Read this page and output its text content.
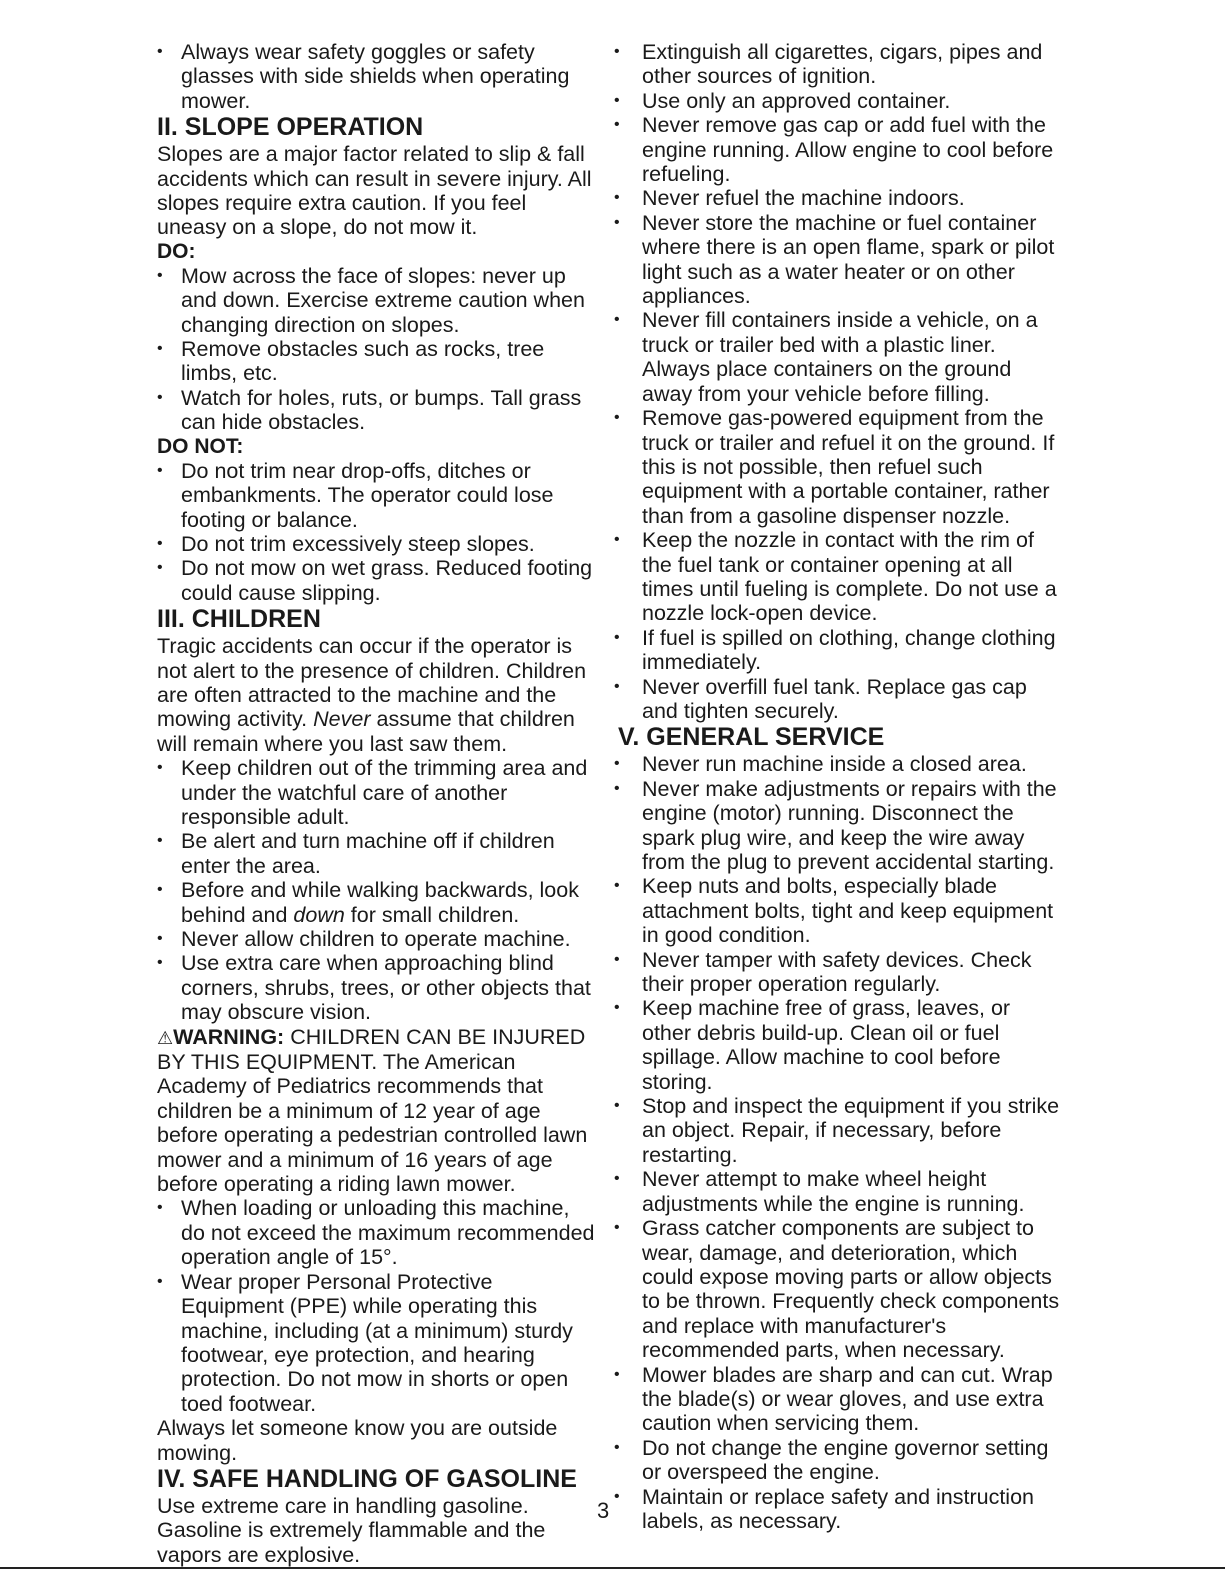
• Always wear safety goggles or safety glasses with side shields when operating mower.
II. SLOPE OPERATION
Slopes are a major factor related to slip & fall accidents which can result in severe injury. All slopes require extra caution. If you feel uneasy on a slope, do not mow it.
DO:
• Mow across the face of slopes: never up and down. Exercise extreme caution when changing direction on slopes.
• Remove obstacles such as rocks, tree limbs, etc.
• Watch for holes, ruts, or bumps. Tall grass can hide obstacles.
DO NOT:
• Do not trim near drop-offs, ditches or embankments. The operator could lose footing or balance.
• Do not trim excessively steep slopes.
• Do not mow on wet grass. Reduced footing could cause slipping.
III. CHILDREN
Tragic accidents can occur if the operator is not alert to the presence of children. Children are often attracted to the machine and the mowing activity. Never assume that children will remain where you last saw them.
• Keep children out of the trimming area and under the watchful care of another responsible adult.
• Be alert and turn machine off if children enter the area.
• Before and while walking backwards, look behind and down for small children.
• Never allow children to operate machine.
• Use extra care when approaching blind corners, shrubs, trees, or other objects that may obscure vision.
⚠WARNING: CHILDREN CAN BE INJURED BY THIS EQUIPMENT. The American Academy of Pediatrics recommends that children be a minimum of 12 year of age before operating a pedestrian controlled lawn mower and a minimum of 16 years of age before operating a riding lawn mower.
• When loading or unloading this machine, do not exceed the maximum recommended operation angle of 15°.
• Wear proper Personal Protective Equipment (PPE) while operating this machine, including (at a minimum) sturdy footwear, eye protection, and hearing protection. Do not mow in shorts or open toed footwear.
Always let someone know you are outside mowing.
IV. SAFE HANDLING OF GASOLINE
Use extreme care in handling gasoline. Gasoline is extremely flammable and the vapors are explosive.
• Extinguish all cigarettes, cigars, pipes and other sources of ignition.
• Use only an approved container.
• Never remove gas cap or add fuel with the engine running. Allow engine to cool before refueling.
• Never refuel the machine indoors.
• Never store the machine or fuel container where there is an open flame, spark or pilot light such as a water heater or on other appliances.
• Never fill containers inside a vehicle, on a truck or trailer bed with a plastic liner. Always place containers on the ground away from your vehicle before filling.
• Remove gas-powered equipment from the truck or trailer and refuel it on the ground. If this is not possible, then refuel such equipment with a portable container, rather than from a gasoline dispenser nozzle.
• Keep the nozzle in contact with the rim of the fuel tank or container opening at all times until fueling is complete. Do not use a nozzle lock-open device.
• If fuel is spilled on clothing, change clothing immediately.
• Never overfill fuel tank. Replace gas cap and tighten securely.
V. GENERAL SERVICE
• Never run machine inside a closed area.
• Never make adjustments or repairs with the engine (motor) running. Disconnect the spark plug wire, and keep the wire away from the plug to prevent accidental starting.
• Keep nuts and bolts, especially blade attachment bolts, tight and keep equipment in good condition.
• Never tamper with safety devices. Check their proper operation regularly.
• Keep machine free of grass, leaves, or other debris build-up. Clean oil or fuel spillage. Allow machine to cool before storing.
• Stop and inspect the equipment if you strike an object. Repair, if necessary, before restarting.
• Never attempt to make wheel height adjustments while the engine is running.
• Grass catcher components are subject to wear, damage, and deterioration, which could expose moving parts or allow objects to be thrown. Frequently check components and replace with manufacturer's recommended parts, when necessary.
• Mower blades are sharp and can cut. Wrap the blade(s) or wear gloves, and use extra caution when servicing them.
• Do not change the engine governor setting or overspeed the engine.
• Maintain or replace safety and instruction labels, as necessary.
3
